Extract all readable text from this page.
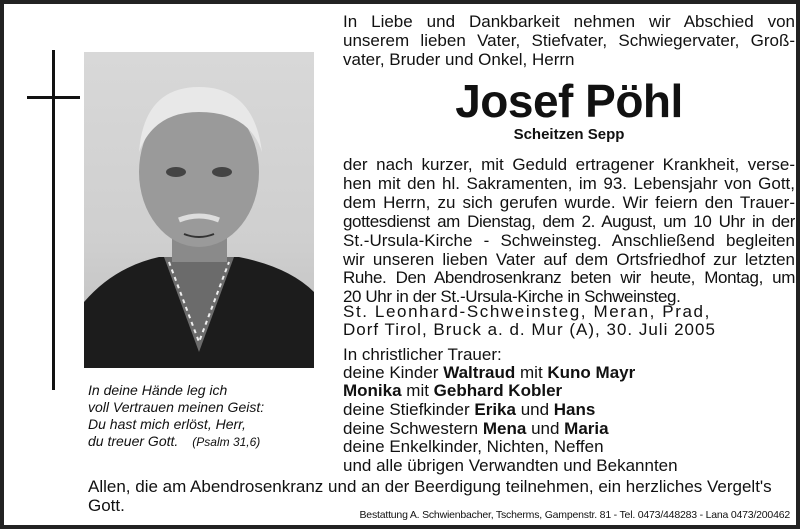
In Liebe und Dankbarkeit nehmen wir Abschied von
unserem lieben Vater, Stiefvater, Schwiegervater, Groß-
vater, Bruder und Onkel, Herrn
Josef Pöhl
Scheitzen Sepp
der nach kurzer, mit Geduld ertragener Krankheit, verse-
hen mit den hl. Sakramenten, im 93. Lebensjahr von Gott,
dem Herrn, zu sich gerufen wurde. Wir feiern den Trauer-
gottesdienst am Dienstag, dem 2. August, um 10 Uhr in der
St.-Ursula-Kirche - Schweinsteg. Anschließend begleiten
wir unseren lieben Vater auf dem Ortsfriedhof zur letzten
Ruhe. Den Abendrosenkranz beten wir heute, Montag, um
20 Uhr in der St.-Ursula-Kirche in Schweinsteg.
St. Leonhard-Schweinsteg, Meran, Prad,
Dorf Tirol, Bruck a. d. Mur (A), 30. Juli 2005
In christlicher Trauer:
deine Kinder Waltraud mit Kuno Mayr
Monika mit Gebhard Kobler
deine Stiefkinder Erika und Hans
deine Schwestern Mena und Maria
deine Enkelkinder, Nichten, Neffen
und alle übrigen Verwandten und Bekannten
In deine Hände leg ich
voll Vertrauen meinen Geist:
Du hast mich erlöst, Herr,
du treuer Gott. (Psalm 31,6)
Allen, die am Abendrosenkranz und an der Beerdigung teilnehmen, ein herzliches Vergelt's
Gott.	Bestattung A. Schwienbacher, Tscherms, Gampenstr. 81 - Tel. 0473/448283 - Lana 0473/200462
